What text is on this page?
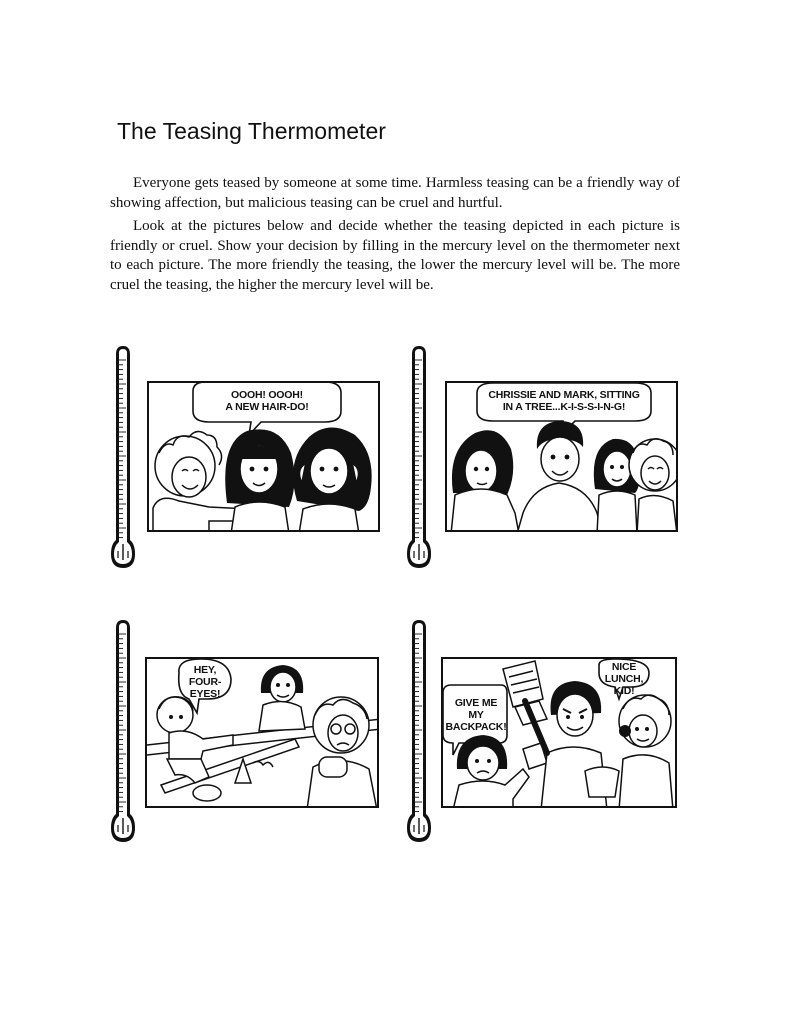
The Teasing Thermometer

Everyone gets teased by someone at some time. Harmless teasing can be a friendly way of showing affection, but malicious teasing can be cruel and hurtful.

Look at the pictures below and decide whether the teasing depicted in each picture is friendly or cruel. Show your decision by filling in the mercury level on the thermometer next to each picture. The more friendly the teasing, the lower the mercury level will be. The more cruel the teasing, the higher the mercury level will be.

OOOH! OOOH!
A NEW HAIR-DO!
CHRISSIE AND MARK, SITTING
IN A TREE...K-I-S-S-I-N-G!
HEY,
FOUR-EYES!
GIVE ME
MY
BACKPACK!
NICE
LUNCH, KID!
